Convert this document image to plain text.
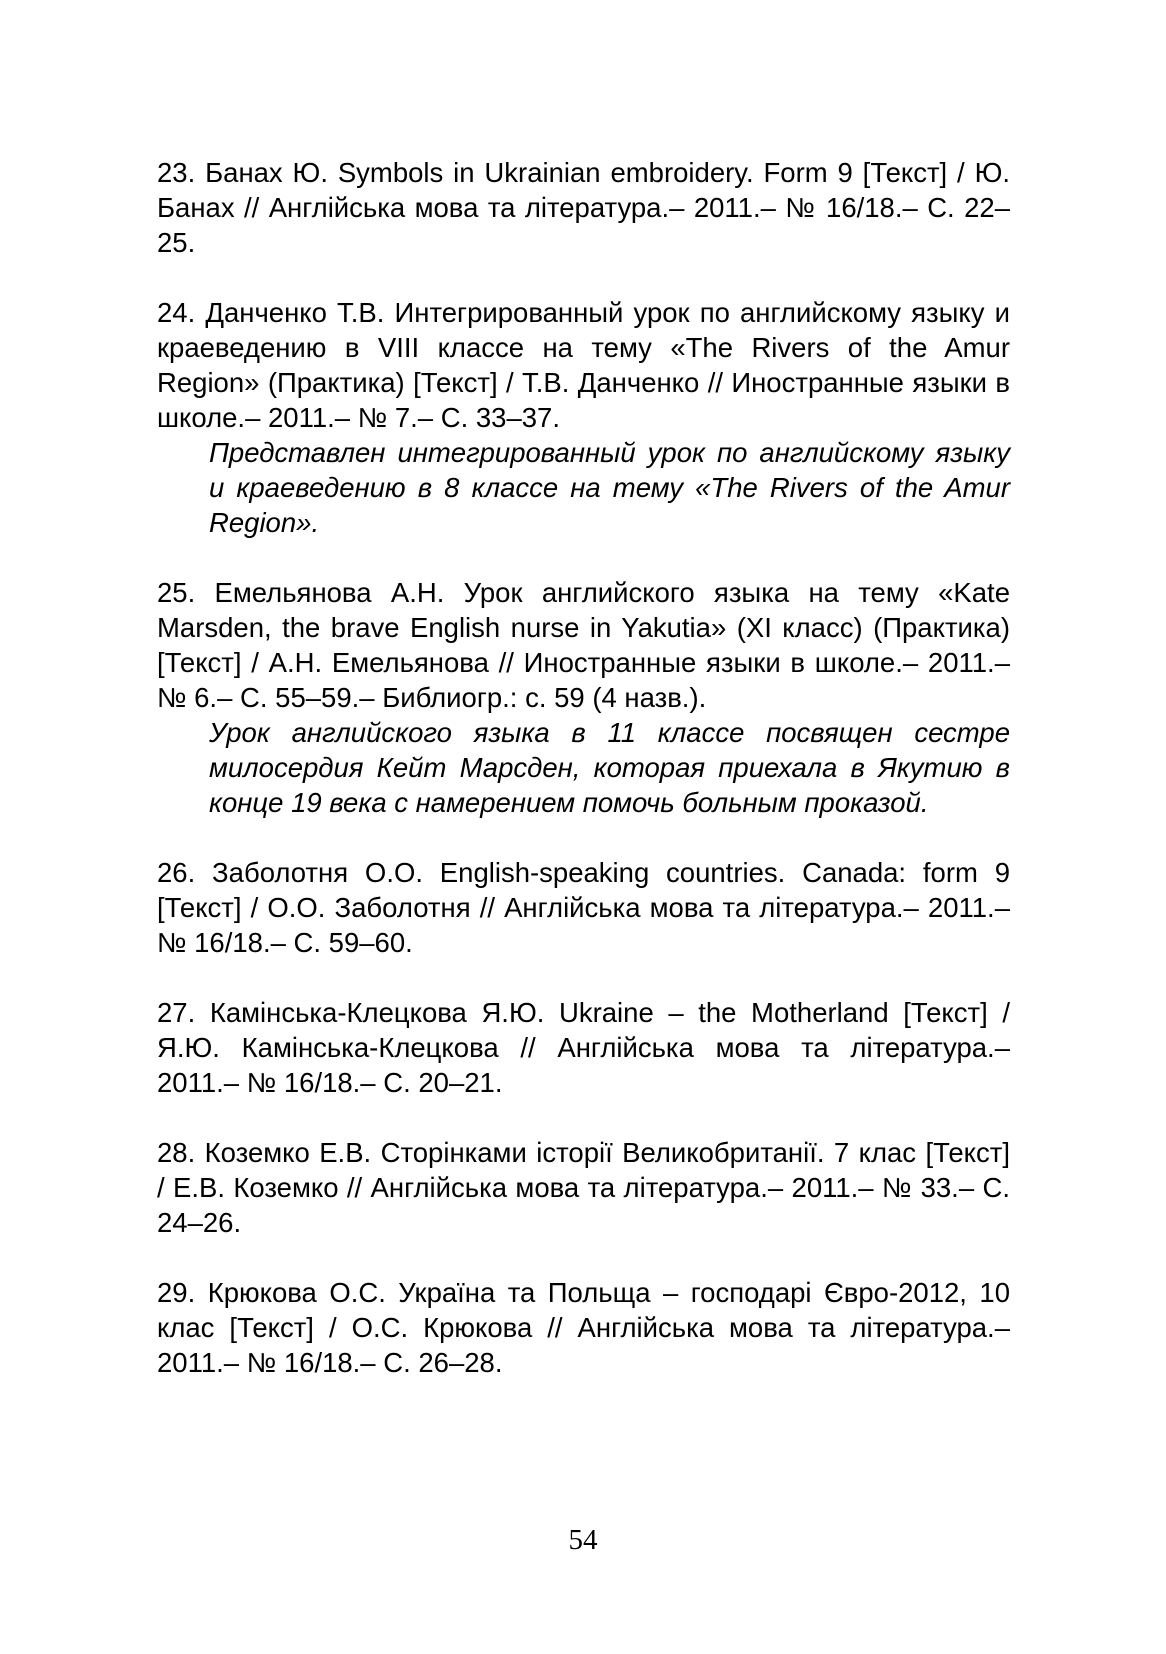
23. Банах Ю. Symbols in Ukrainian embroidery. Form 9 [Текст] / Ю. Банах // Англійська мова та література.– 2011.– № 16/18.– С. 22–25.

24. Данченко Т.В. Интегрированный урок по английскому языку и краеведению в VIII классе на тему «The Rivers of the Amur Region» (Практика) [Текст] / Т.В. Данченко // Иностранные языки в школе.– 2011.– № 7.– С. 33–37.

Представлен интегрированный урок по английскому языку и краеведению в 8 классе на тему «The Rivers of the Amur Region».

25. Емельянова А.Н. Урок английского языка на тему «Kate Marsden, the brave English nurse in Yakutia» (XI класс) (Практика) [Текст] / А.Н. Емельянова // Иностранные языки в школе.– 2011.– № 6.– С. 55–59.– Библиогр.: с. 59 (4 назв.).

Урок английского языка в 11 классе посвящен сестре милосердия Кейт Марсден, которая приехала в Якутию в конце 19 века с намерением помочь больным проказой.

26. Заболотня О.О. English-speaking countries. Canada: form 9 [Текст] / О.О. Заболотня // Англійська мова та література.– 2011.– № 16/18.– С. 59–60.

27. Камінська-Клецкова Я.Ю. Ukraine – the Motherland [Текст] / Я.Ю. Камінська-Клецкова // Англійська мова та література.– 2011.– № 16/18.– С. 20–21.

28. Коземко Е.В. Сторінками історії Великобританії. 7 клас [Текст] / Е.В. Коземко // Англійська мова та література.– 2011.– № 33.– С. 24–26.

29. Крюкова О.С. Україна та Польща – господарі Євро-2012, 10 клас [Текст] / О.С. Крюкова // Англійська мова та література.– 2011.– № 16/18.– С. 26–28.

54
